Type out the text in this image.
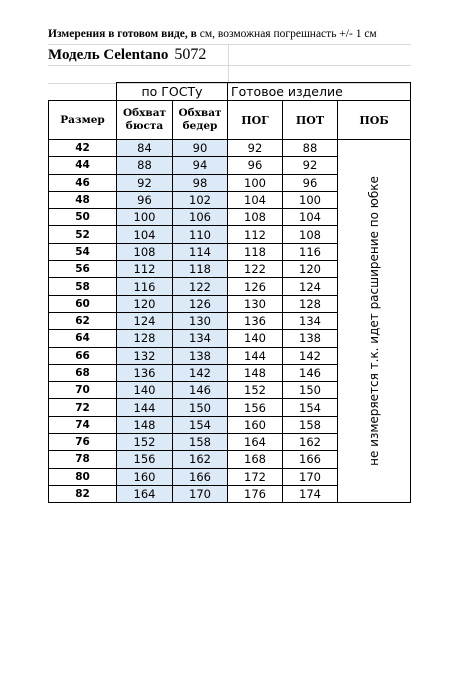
Измерения в готовом виде, в см, возможная погрешнасть +/- 1 см
Модель Celentano 5072
	по ГОСТу		Готовое изделие		
Размер	Обхват бюста	Обхват бедер	ПОГ	ПОТ	ПОБ
42	84	90	92	88	не измеряется т.к. идет расширение по юбке

44	88	94	96	92	
46	92	98	100	96	
48	96	102	104	100	
50	100	106	108	104	
52	104	110	112	108	
54	108	114	118	116	
56	112	118	122	120	
58	116	122	126	124	
60	120	126	130	128	
62	124	130	136	134	
64	128	134	140	138	
66	132	138	144	142	
68	136	142	148	146	
70	140	146	152	150	
72	144	150	156	154	
74	148	154	160	158	
76	152	158	164	162	
78	156	162	168	166	
80	160	166	172	170	
82	164	170	176	174	
